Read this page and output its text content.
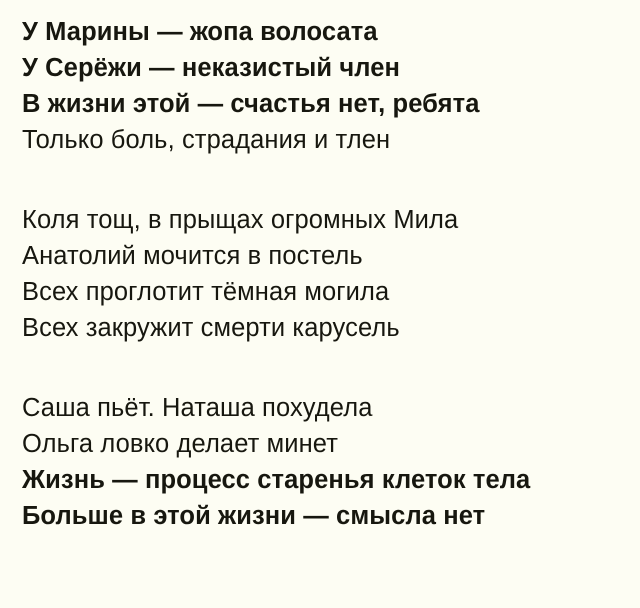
У Марины — жопа волосата
У Серёжи — неказистый член
В жизни этой — счастья нет, ребята
Только боль, страдания и тлен
Коля тощ, в прыщах огромных Мила
Анатолий мочится в постель
Всех проглотит тёмная могила
Всех закружит смерти карусель
Саша пьёт. Наташа похудела
Ольга ловко делает минет
Жизнь — процесс старенья клеток тела
Больше в этой жизни — смысла нет
